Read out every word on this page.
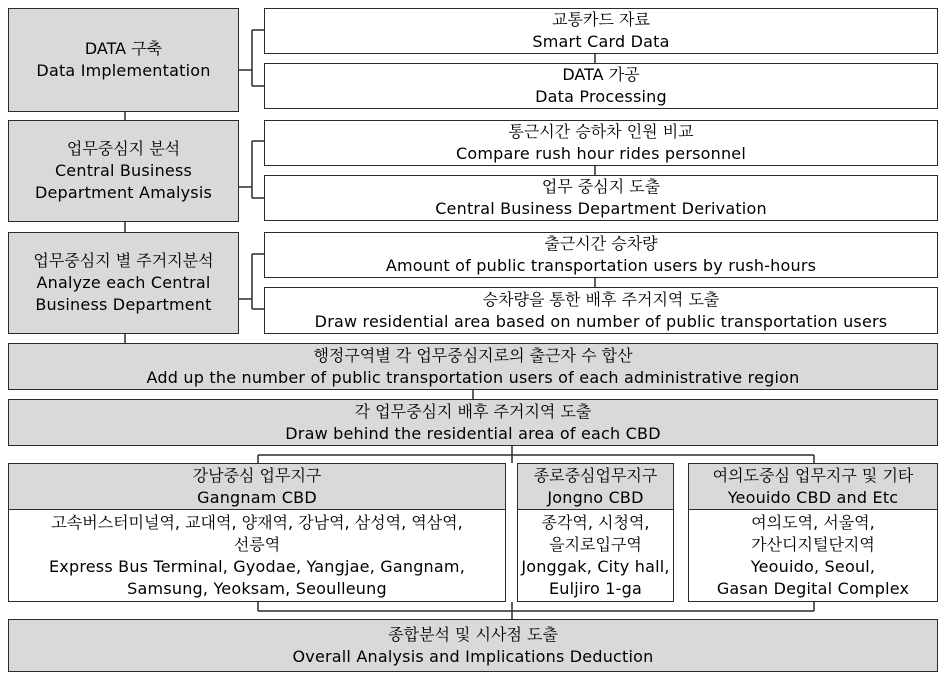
DATA 구축
Data Implementation
교통카드 자료
Smart Card Data
DATA 가공
Data Processing
업무중심지 분석
Central Business
Department Amalysis
통근시간 승하차 인원 비교
Compare rush hour rides personnel
업무 중심지 도출
Central Business Department Derivation
업무중심지 별 주거지분석
Analyze each Central
Business Department
출근시간 승차량
Amount of public transportation users by rush-hours
승차량을 통한 배후 주거지역 도출
Draw residential area based on number of public transportation users
행정구역별 각 업무중심지로의 출근자 수 합산
Add up the number of public transportation users of each administrative region
각 업무중심지 배후 주거지역 도출
Draw behind the residential area of each CBD
강남중심 업무지구
Gangnam CBD
고속버스터미널역, 교대역, 양재역, 강남역, 삼성역, 역삼역,
선릉역
Express Bus Terminal, Gyodae, Yangjae, Gangnam,
Samsung, Yeoksam, Seoulleung
종로중심업무지구
Jongno CBD
종각역, 시청역,
을지로입구역
Jonggak, City hall,
Euljiro 1-ga
여의도중심 업무지구 및 기타
Yeouido CBD and Etc
여의도역, 서울역,
가산디지털단지역
Yeouido, Seoul,
Gasan Degital Complex
종합분석 및 시사점 도출
Overall Analysis and Implications Deduction
